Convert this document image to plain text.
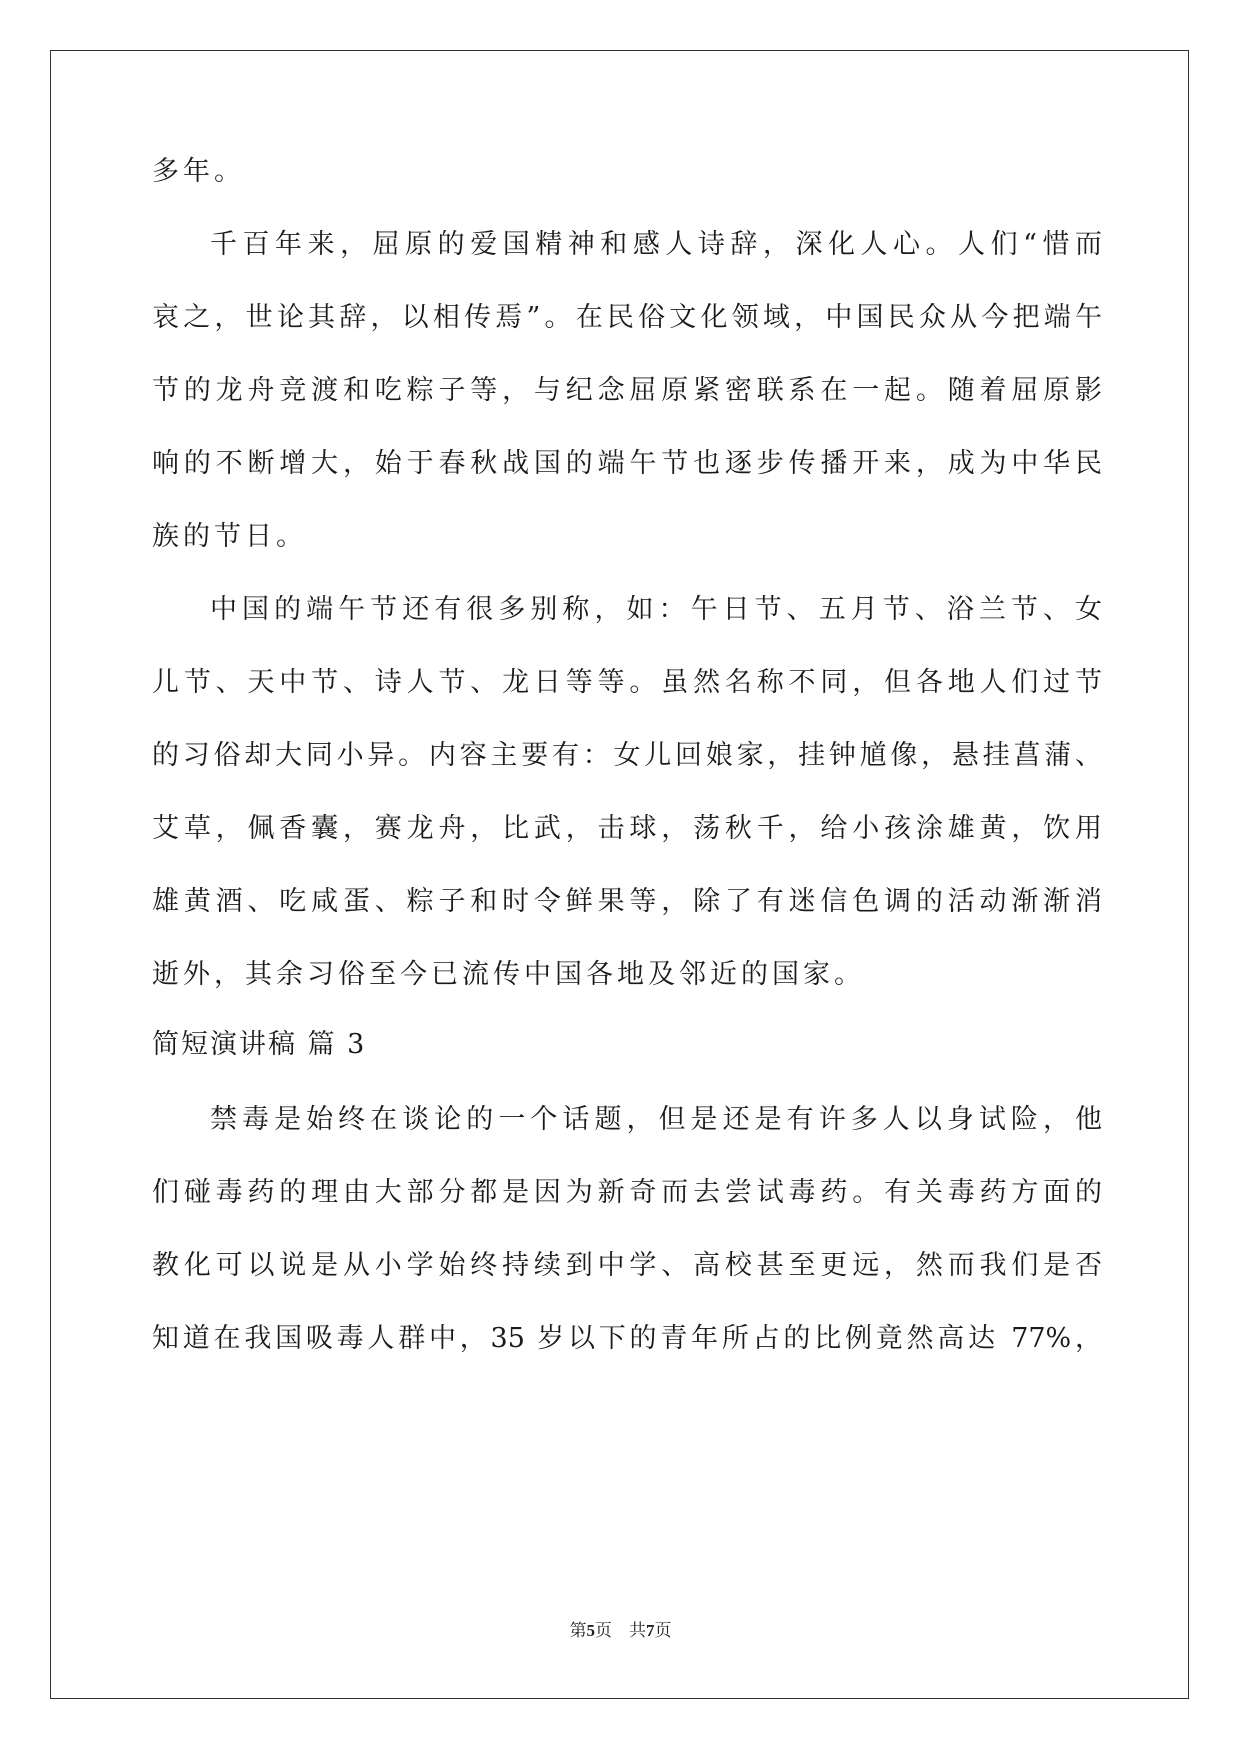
多年。
千百年来，屈原的爱国精神和感人诗辞，深化人心。人们“惜而
哀之，世论其辞，以相传焉”。在民俗文化领域，中国民众从今把端午
节的龙舟竞渡和吃粽子等，与纪念屈原紧密联系在一起。随着屈原影
响的不断增大，始于春秋战国的端午节也逐步传播开来，成为中华民
族的节日。
中国的端午节还有很多别称，如：午日节、五月节、浴兰节、女
儿节、天中节、诗人节、龙日等等。虽然名称不同，但各地人们过节
的习俗却大同小异。内容主要有：女儿回娘家，挂钟馗像，悬挂菖蒲、
艾草，佩香囊，赛龙舟，比武，击球，荡秋千，给小孩涂雄黄，饮用
雄黄酒、吃咸蛋、粽子和时令鲜果等，除了有迷信色调的活动渐渐消
逝外，其余习俗至今已流传中国各地及邻近的国家。
简短演讲稿 篇 3
禁毒是始终在谈论的一个话题，但是还是有许多人以身试险，他
们碰毒药的理由大部分都是因为新奇而去尝试毒药。有关毒药方面的
教化可以说是从小学始终持续到中学、高校甚至更远，然而我们是否
知道在我国吸毒人群中，35 岁以下的青年所占的比例竟然高达 77%，
第5页　共7页
